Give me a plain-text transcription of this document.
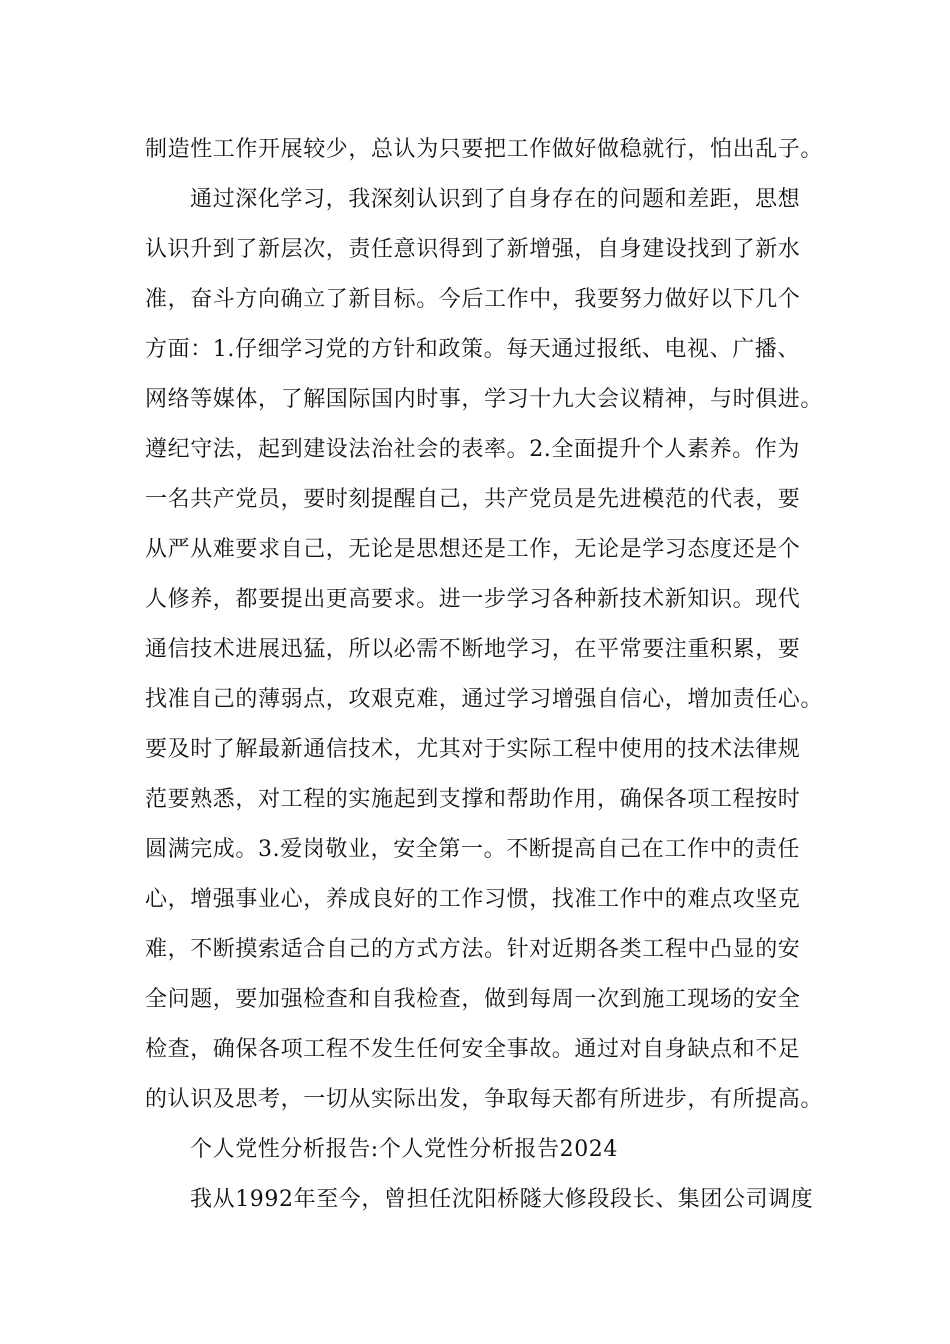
制造性工作开展较少，总认为只要把工作做好做稳就行，怕出乱子。
通过深化学习，我深刻认识到了自身存在的问题和差距，思想
认识升到了新层次，责任意识得到了新增强，自身建设找到了新水
准，奋斗方向确立了新目标。今后工作中，我要努力做好以下几个
方面：1.仔细学习党的方针和政策。每天通过报纸、电视、广播、
网络等媒体，了解国际国内时事，学习十九大会议精神，与时俱进。
遵纪守法，起到建设法治社会的表率。2.全面提升个人素养。作为
一名共产党员，要时刻提醒自己，共产党员是先进模范的代表，要
从严从难要求自己，无论是思想还是工作，无论是学习态度还是个
人修养，都要提出更高要求。进一步学习各种新技术新知识。现代
通信技术进展迅猛，所以必需不断地学习，在平常要注重积累，要
找准自己的薄弱点，攻艰克难，通过学习增强自信心，增加责任心。
要及时了解最新通信技术，尤其对于实际工程中使用的技术法律规
范要熟悉，对工程的实施起到支撑和帮助作用，确保各项工程按时
圆满完成。3.爱岗敬业，安全第一。不断提高自己在工作中的责任
心，增强事业心，养成良好的工作习惯，找准工作中的难点攻坚克
难，不断摸索适合自己的方式方法。针对近期各类工程中凸显的安
全问题，要加强检查和自我检查，做到每周一次到施工现场的安全
检查，确保各项工程不发生任何安全事故。通过对自身缺点和不足
的认识及思考，一切从实际出发，争取每天都有所进步，有所提高。
个人党性分析报告:个人党性分析报告2024
我从1992年至今，曾担任沈阳桥隧大修段段长、集团公司调度
